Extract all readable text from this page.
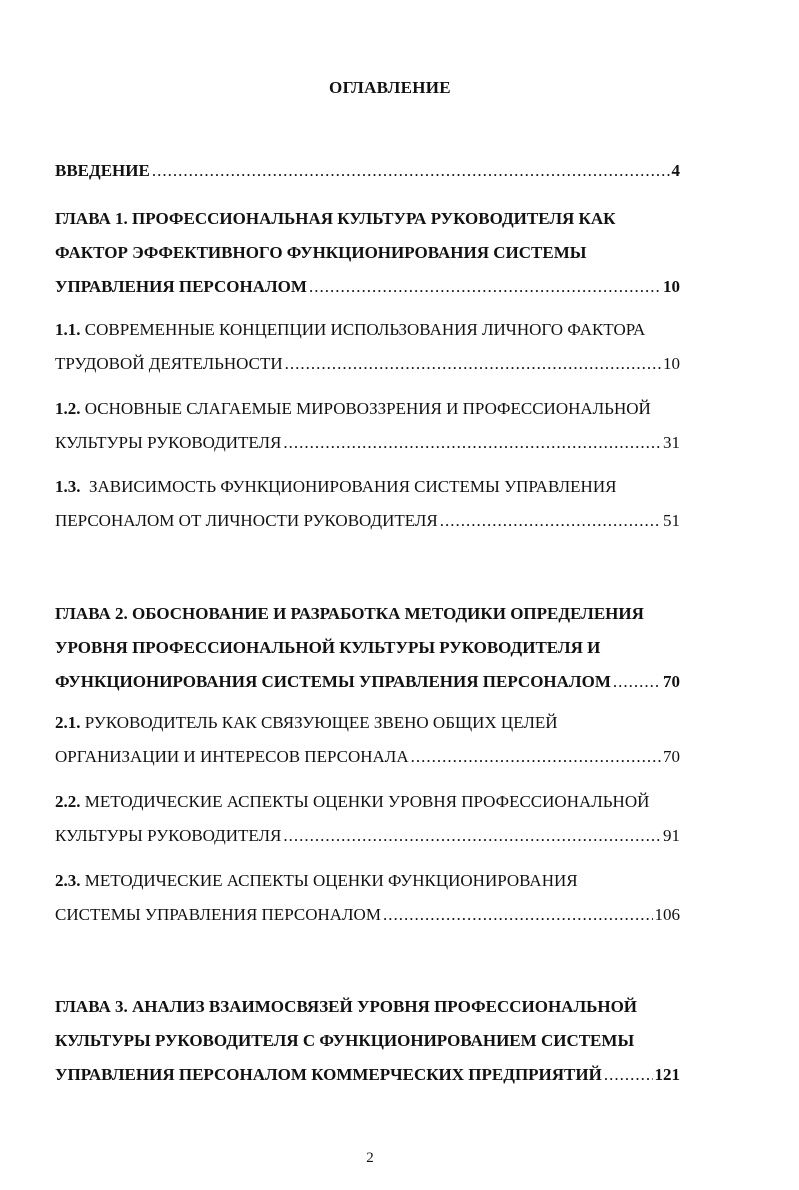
ОГЛАВЛЕНИЕ
ВВЕДЕНИЕ .....	4
ГЛАВА 1. ПРОФЕССИОНАЛЬНАЯ КУЛЬТУРА РУКОВОДИТЕЛЯ КАК
ФАКТОР ЭФФЕКТИВНОГО ФУНКЦИОНИРОВАНИЯ СИСТЕМЫ
УПРАВЛЕНИЯ ПЕРСОНАЛОМ .....	10
1.1. СОВРЕМЕННЫЕ КОНЦЕПЦИИ ИСПОЛЬЗОВАНИЯ ЛИЧНОГО ФАКТОРА
ТРУДОВОЙ ДЕЯТЕЛЬНОСТИ .....	10
1.2. ОСНОВНЫЕ СЛАГАЕМЫЕ МИРОВОЗЗРЕНИЯ И ПРОФЕССИОНАЛЬНОЙ
КУЛЬТУРЫ РУКОВОДИТЕЛЯ .....	31
1.3. ЗАВИСИМОСТЬ ФУНКЦИОНИРОВАНИЯ СИСТЕМЫ УПРАВЛЕНИЯ
ПЕРСОНАЛОМ ОТ ЛИЧНОСТИ РУКОВОДИТЕЛЯ .....	51
ГЛАВА 2. ОБОСНОВАНИЕ И РАЗРАБОТКА МЕТОДИКИ ОПРЕДЕЛЕНИЯ
УРОВНЯ ПРОФЕССИОНАЛЬНОЙ КУЛЬТУРЫ РУКОВОДИТЕЛЯ И
ФУНКЦИОНИРОВАНИЯ СИСТЕМЫ УПРАВЛЕНИЯ ПЕРСОНАЛОМ .....	70
2.1. РУКОВОДИТЕЛЬ КАК СВЯЗУЮЩЕЕ ЗВЕНО ОБЩИХ ЦЕЛЕЙ
ОРГАНИЗАЦИИ И ИНТЕРЕСОВ ПЕРСОНАЛА .....	70
2.2. МЕТОДИЧЕСКИЕ АСПЕКТЫ ОЦЕНКИ УРОВНЯ ПРОФЕССИОНАЛЬНОЙ
КУЛЬТУРЫ РУКОВОДИТЕЛЯ .....	91
2.3. МЕТОДИЧЕСКИЕ АСПЕКТЫ ОЦЕНКИ ФУНКЦИОНИРОВАНИЯ
СИСТЕМЫ УПРАВЛЕНИЯ ПЕРСОНАЛОМ .....	106
ГЛАВА 3. АНАЛИЗ ВЗАИМОСВЯЗЕЙ УРОВНЯ ПРОФЕССИОНАЛЬНОЙ
КУЛЬТУРЫ РУКОВОДИТЕЛЯ С ФУНКЦИОНИРОВАНИЕМ СИСТЕМЫ
УПРАВЛЕНИЯ ПЕРСОНАЛОМ КОММЕРЧЕСКИХ ПРЕДПРИЯТИЙ .....	121
2
